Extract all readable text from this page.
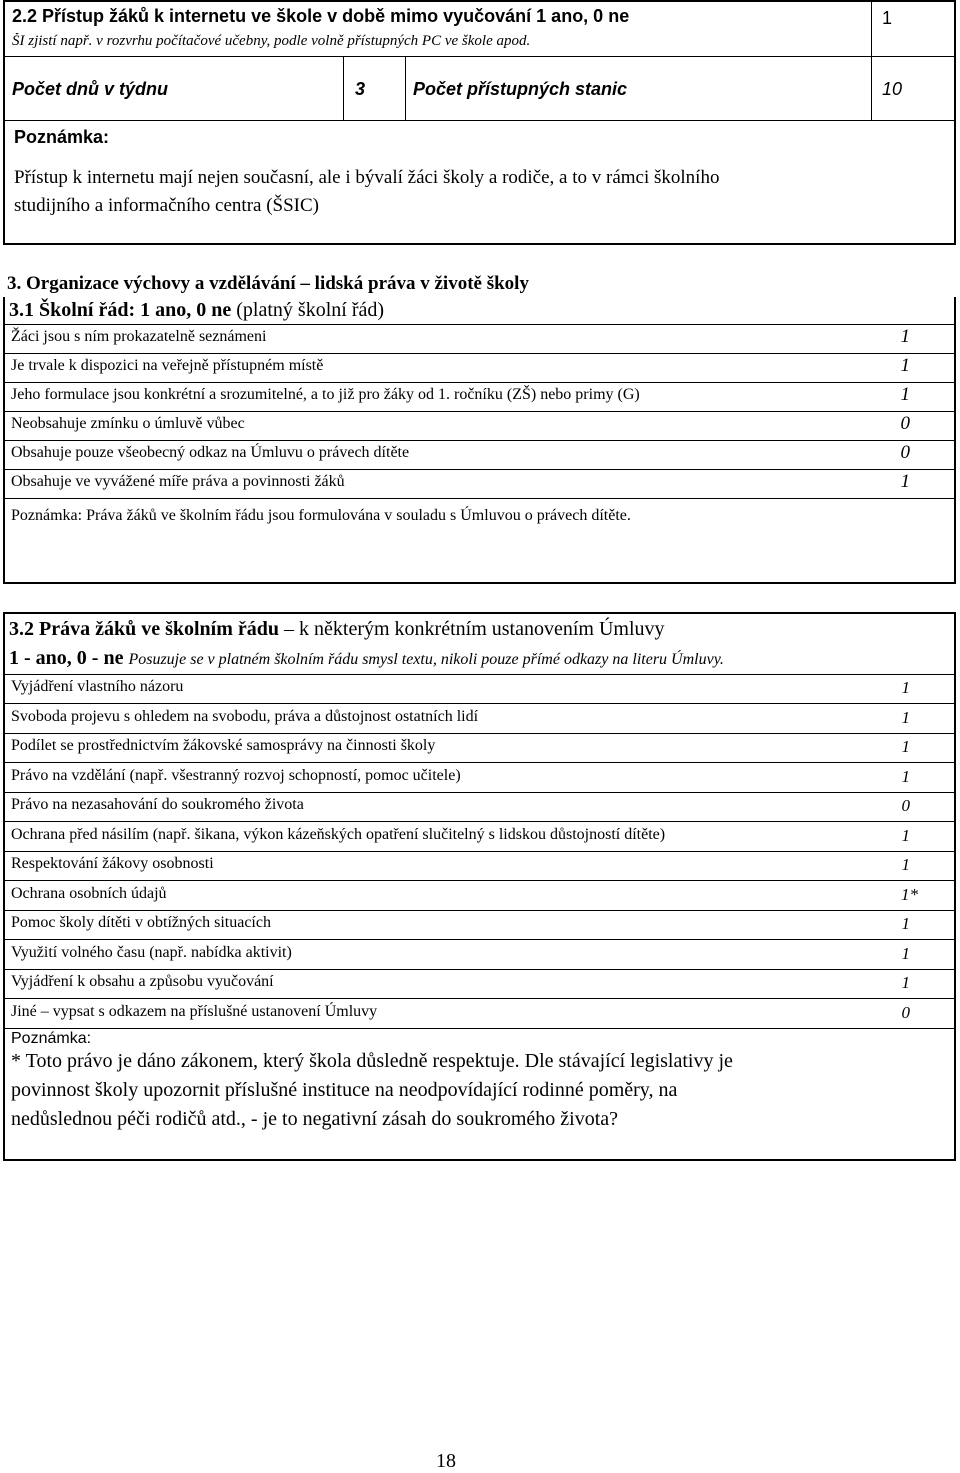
2.2 Přístup žáků k internetu ve škole v době mimo vyučování 1 ano, 0 ne
ŠI zjistí např. v rozvrhu počítačové učebny, podle volně přístupných PC ve škole apod.
1
Počet dnů v týdnu	3	Počet přístupných stanic	10
Poznámka:
Přístup k internetu mají nejen současní, ale i bývalí žáci školy a rodiče, a to v rámci školního
studijního a informačního centra (ŠSIC)
3. Organizace výchovy a vzdělávání – lidská práva v životě školy
3.1 Školní řád: 1 ano, 0 ne (platný školní řád)
Žáci jsou s ním prokazatelně seznámeni	1
Je trvale k dispozici na veřejně přístupném místě	1
Jeho formulace jsou konkrétní a srozumitelné, a to již pro žáky od 1. ročníku (ZŠ) nebo primy (G)	1
Neobsahuje zmínku o úmluvě vůbec	0
Obsahuje pouze všeobecný odkaz na Úmluvu o právech dítěte	0
Obsahuje ve vyvážené míře práva a povinnosti žáků	1
Poznámka: Práva žáků ve školním řádu jsou formulována v souladu s Úmluvou o právech dítěte.
3.2 Práva žáků ve školním řádu – k některým konkrétním ustanovením Úmluvy
1 - ano, 0 - ne Posuzuje se v platném školním řádu smysl textu, nikoli pouze přímé odkazy na literu Úmluvy.
Vyjádření vlastního názoru	1
Svoboda projevu s ohledem na svobodu, práva a důstojnost ostatních lidí	1
Podílet se prostřednictvím žákovské samosprávy na činnosti školy	1
Právo na vzdělání (např. všestranný rozvoj schopností, pomoc učitele)	1
Právo na nezasahování do soukromého života	0
Ochrana před násilím (např. šikana, výkon kázeňských opatření slučitelný s lidskou důstojností dítěte)	1
Respektování žákovy osobnosti	1
Ochrana osobních údajů	1*
Pomoc školy dítěti v obtížných situacích	1
Využití volného času (např. nabídka aktivit)	1
Vyjádření k obsahu a způsobu vyučování	1
Jiné – vypsat s odkazem na příslušné ustanovení Úmluvy	0
Poznámka:
* Toto právo je dáno zákonem, který škola důsledně respektuje. Dle stávající legislativy je
povinnost školy upozornit příslušné instituce na neodpovídající rodinné poměry, na
nedůslednou péči rodičů atd., - je to negativní zásah do soukromého života?
18
